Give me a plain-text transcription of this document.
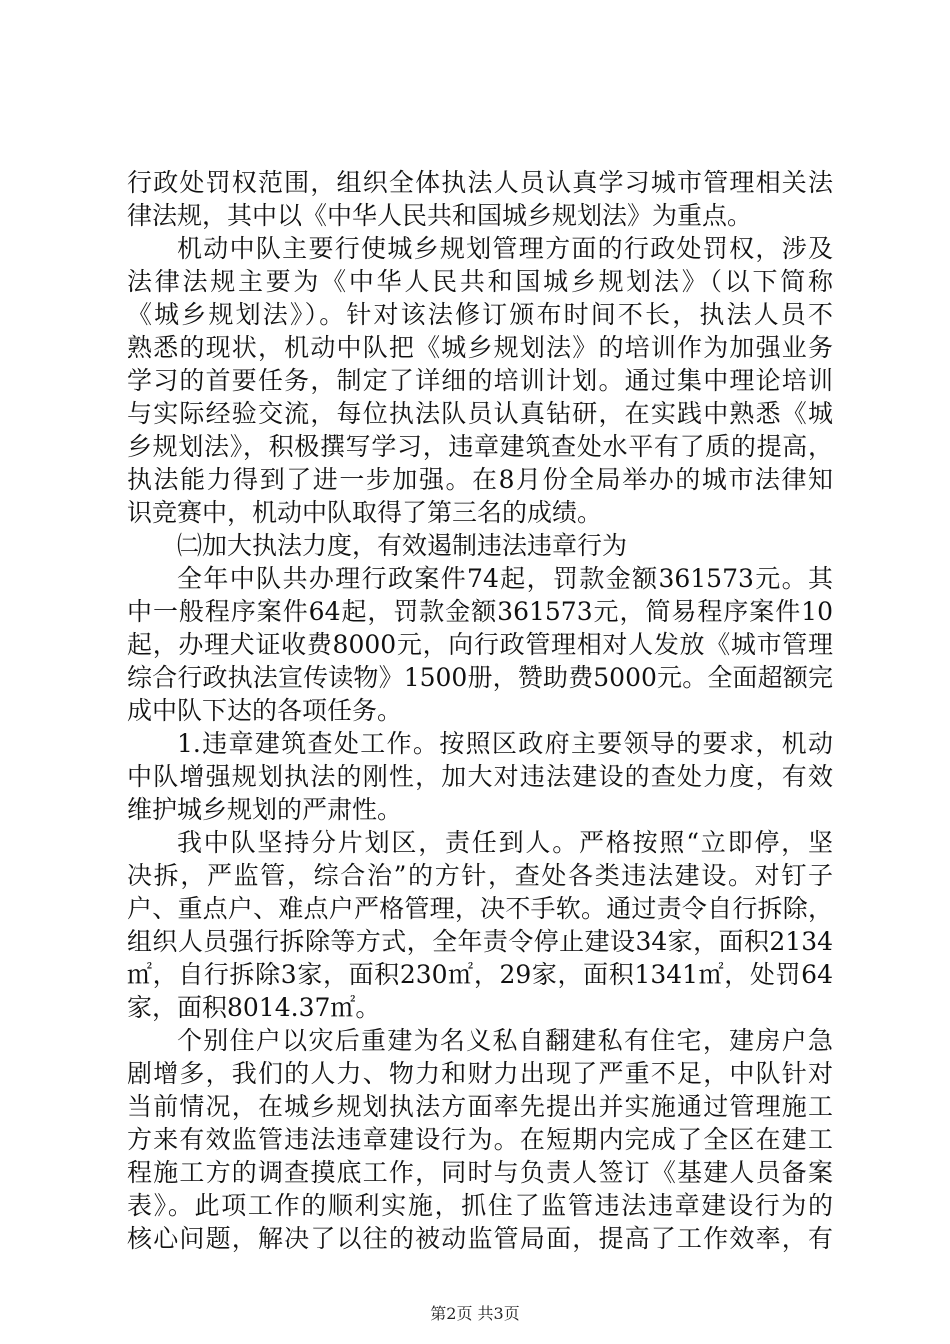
行政处罚权范围，组织全体执法人员认真学习城市管理相关法
律法规，其中以《中华人民共和国城乡规划法》为重点。
机动中队主要行使城乡规划管理方面的行政处罚权，涉及
法律法规主要为《中华人民共和国城乡规划法》（以下简称
《城乡规划法》）。针对该法修订颁布时间不长，执法人员不
熟悉的现状，机动中队把《城乡规划法》的培训作为加强业务
学习的首要任务，制定了详细的培训计划。通过集中理论培训
与实际经验交流，每位执法队员认真钻研，在实践中熟悉《城
乡规划法》，积极撰写学习，违章建筑查处水平有了质的提高，
执法能力得到了进一步加强。在8月份全局举办的城市法律知
识竞赛中，机动中队取得了第三名的成绩。
㈡加大执法力度，有效遏制违法违章行为
全年中队共办理行政案件74起，罚款金额361573元。其
中一般程序案件64起，罚款金额361573元，简易程序案件10
起，办理犬证收费8000元，向行政管理相对人发放《城市管理
综合行政执法宣传读物》1500册，赞助费5000元。全面超额完
成中队下达的各项任务。
1.违章建筑查处工作。按照区政府主要领导的要求，机动
中队增强规划执法的刚性，加大对违法建设的查处力度，有效
维护城乡规划的严肃性。
我中队坚持分片划区，责任到人。严格按照“立即停，坚
决拆，严监管，综合治”的方针，查处各类违法建设。对钉子
户、重点户、难点户严格管理，决不手软。通过责令自行拆除，
组织人员强行拆除等方式，全年责令停止建设34家，面积2134
㎡，自行拆除3家，面积230㎡，29家，面积1341㎡，处罚64
家，面积8014.37㎡。
个别住户以灾后重建为名义私自翻建私有住宅，建房户急
剧增多，我们的人力、物力和财力出现了严重不足，中队针对
当前情况，在城乡规划执法方面率先提出并实施通过管理施工
方来有效监管违法违章建设行为。在短期内完成了全区在建工
程施工方的调查摸底工作，同时与负责人签订《基建人员备案
表》。此项工作的顺利实施，抓住了监管违法违章建设行为的
核心问题，解决了以往的被动监管局面，提高了工作效率，有
第2页 共3页
